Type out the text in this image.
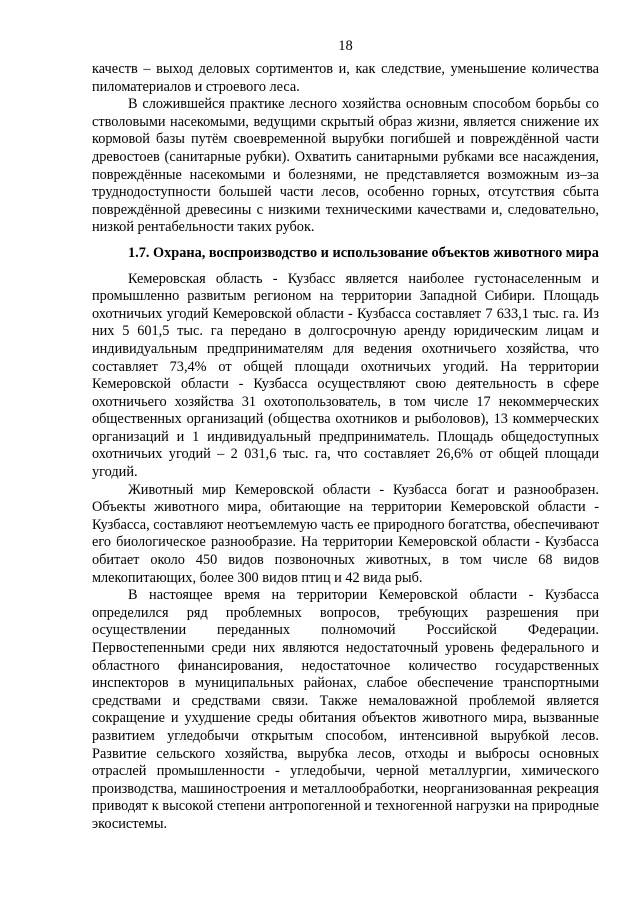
18

качеств – выход деловых сортиментов и, как следствие, уменьшение количества пиломатериалов и строевого леса.

В сложившейся практике лесного хозяйства основным способом борьбы со стволовыми насекомыми, ведущими скрытый образ жизни, является снижение их кормовой базы путём своевременной вырубки погибшей и повреждённой части древостоев (санитарные рубки). Охватить санитарными рубками все насаждения, повреждённые насекомыми и болезнями, не представляется возможным из–за труднодоступности большей части лесов, особенно горных, отсутствия сбыта повреждённой древесины с низкими техническими качествами и, следовательно, низкой рентабельности таких рубок.

1.7. Охрана, воспроизводство и использование объектов животного мира

Кемеровская область - Кузбасс является наиболее густонаселенным и промышленно развитым регионом на территории Западной Сибири. Площадь охотничьих угодий Кемеровской области - Кузбасса составляет 7 633,1 тыс. га. Из них 5 601,5 тыс. га передано в долгосрочную аренду юридическим лицам и индивидуальным предпринимателям для ведения охотничьего хозяйства, что составляет 73,4% от общей площади охотничьих угодий. На территории Кемеровской области - Кузбасса осуществляют свою деятельность в сфере охотничьего хозяйства 31 охотопользователь, в том числе 17 некоммерческих общественных организаций (общества охотников и рыболовов), 13 коммерческих организаций и 1 индивидуальный предприниматель. Площадь общедоступных охотничьих угодий – 2 031,6 тыс. га, что составляет 26,6% от общей площади угодий.

Животный мир Кемеровской области - Кузбасса богат и разнообразен. Объекты животного мира, обитающие на территории Кемеровской области - Кузбасса, составляют неотъемлемую часть ее природного богатства, обеспечивают его биологическое разнообразие. На территории Кемеровской области - Кузбасса обитает около 450 видов позвоночных животных, в том числе 68 видов млекопитающих, более 300 видов птиц и 42 вида рыб.

В настоящее время на территории Кемеровской области - Кузбасса определился ряд проблемных вопросов, требующих разрешения при осуществлении переданных полномочий Российской Федерации. Первостепенными среди них являются недостаточный уровень федерального и областного финансирования, недостаточное количество государственных инспекторов в муниципальных районах, слабое обеспечение транспортными средствами и средствами связи. Также немаловажной проблемой является сокращение и ухудшение среды обитания объектов животного мира, вызванные развитием угледобычи открытым способом, интенсивной вырубкой лесов. Развитие сельского хозяйства, вырубка лесов, отходы и выбросы основных отраслей промышленности - угледобычи, черной металлургии, химического производства, машиностроения и металлообработки, неорганизованная рекреация приводят к высокой степени антропогенной и техногенной нагрузки на природные экосистемы.
